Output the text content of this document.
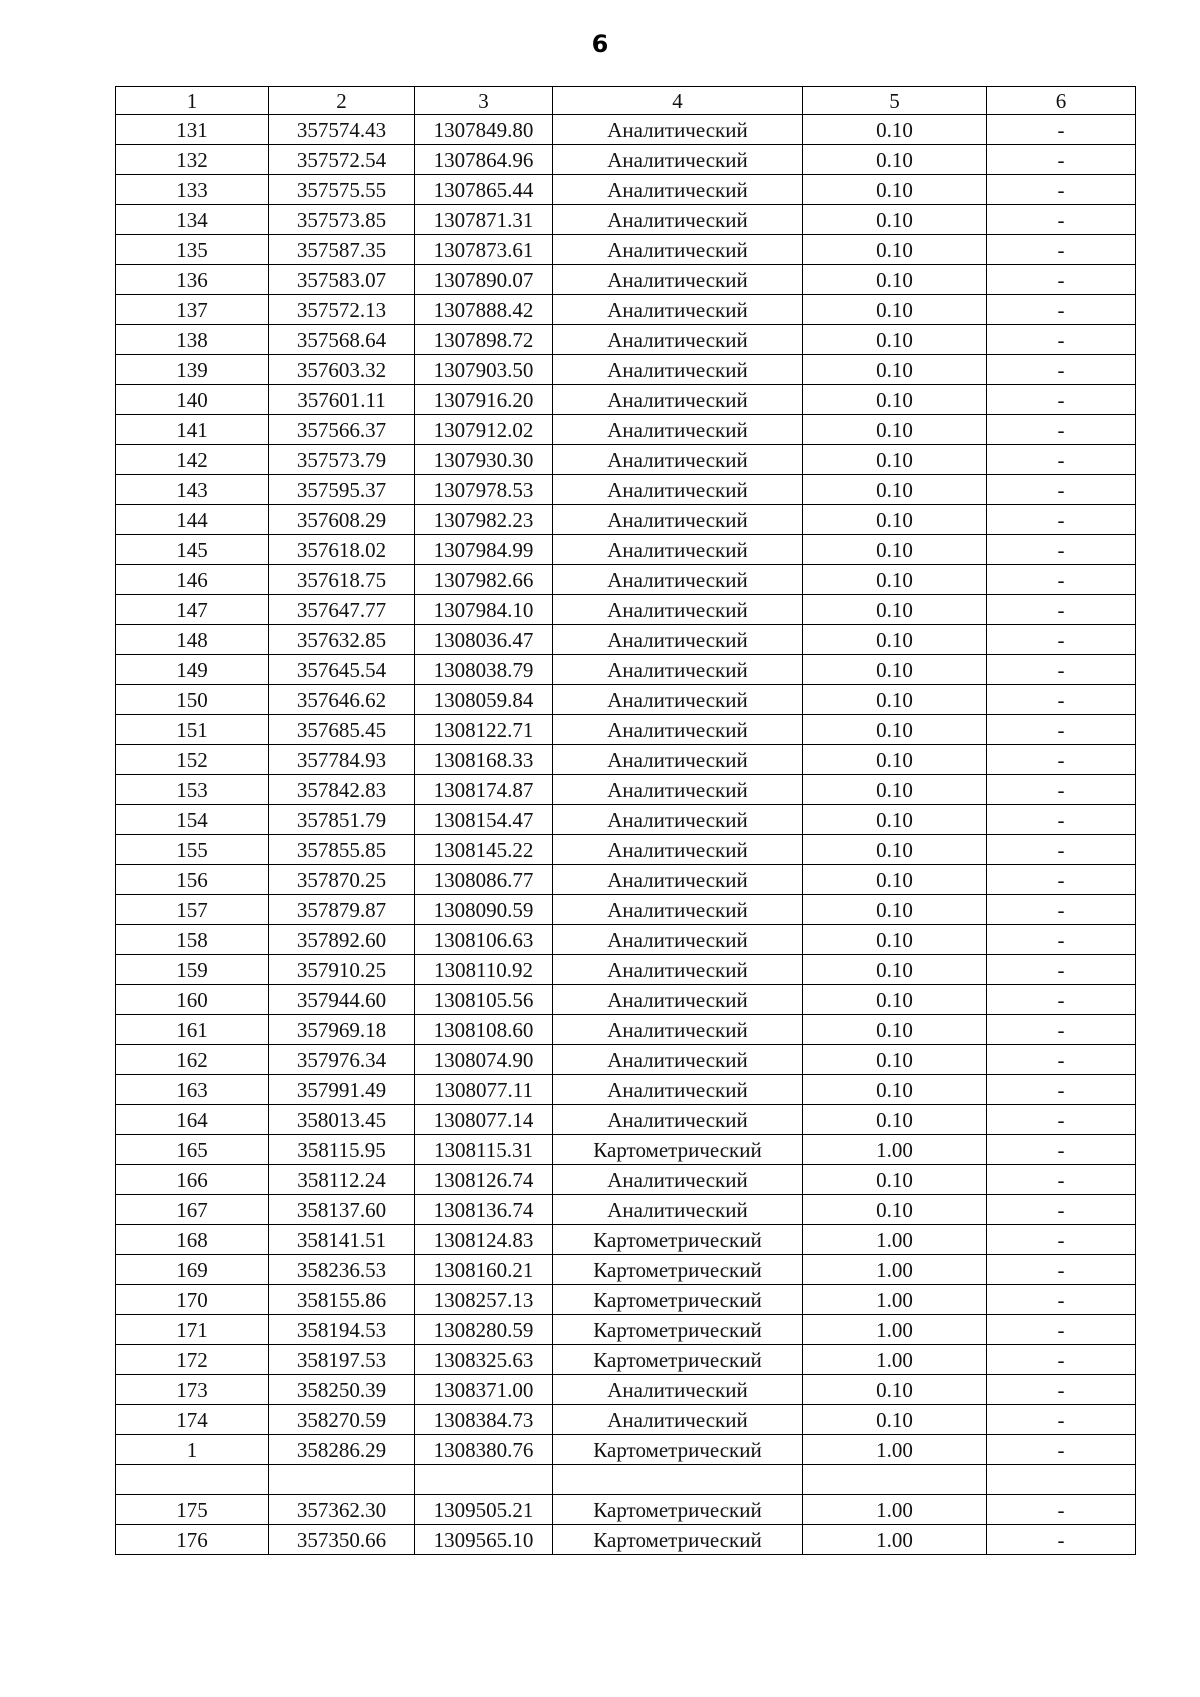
6
1	2	3	4	5	6
131	357574.43	1307849.80	Аналитический	0.10	-
132	357572.54	1307864.96	Аналитический	0.10	-
133	357575.55	1307865.44	Аналитический	0.10	-
134	357573.85	1307871.31	Аналитический	0.10	-
135	357587.35	1307873.61	Аналитический	0.10	-
136	357583.07	1307890.07	Аналитический	0.10	-
137	357572.13	1307888.42	Аналитический	0.10	-
138	357568.64	1307898.72	Аналитический	0.10	-
139	357603.32	1307903.50	Аналитический	0.10	-
140	357601.11	1307916.20	Аналитический	0.10	-
141	357566.37	1307912.02	Аналитический	0.10	-
142	357573.79	1307930.30	Аналитический	0.10	-
143	357595.37	1307978.53	Аналитический	0.10	-
144	357608.29	1307982.23	Аналитический	0.10	-
145	357618.02	1307984.99	Аналитический	0.10	-
146	357618.75	1307982.66	Аналитический	0.10	-
147	357647.77	1307984.10	Аналитический	0.10	-
148	357632.85	1308036.47	Аналитический	0.10	-
149	357645.54	1308038.79	Аналитический	0.10	-
150	357646.62	1308059.84	Аналитический	0.10	-
151	357685.45	1308122.71	Аналитический	0.10	-
152	357784.93	1308168.33	Аналитический	0.10	-
153	357842.83	1308174.87	Аналитический	0.10	-
154	357851.79	1308154.47	Аналитический	0.10	-
155	357855.85	1308145.22	Аналитический	0.10	-
156	357870.25	1308086.77	Аналитический	0.10	-
157	357879.87	1308090.59	Аналитический	0.10	-
158	357892.60	1308106.63	Аналитический	0.10	-
159	357910.25	1308110.92	Аналитический	0.10	-
160	357944.60	1308105.56	Аналитический	0.10	-
161	357969.18	1308108.60	Аналитический	0.10	-
162	357976.34	1308074.90	Аналитический	0.10	-
163	357991.49	1308077.11	Аналитический	0.10	-
164	358013.45	1308077.14	Аналитический	0.10	-
165	358115.95	1308115.31	Картометрический	1.00	-
166	358112.24	1308126.74	Аналитический	0.10	-
167	358137.60	1308136.74	Аналитический	0.10	-
168	358141.51	1308124.83	Картометрический	1.00	-
169	358236.53	1308160.21	Картометрический	1.00	-
170	358155.86	1308257.13	Картометрический	1.00	-
171	358194.53	1308280.59	Картометрический	1.00	-
172	358197.53	1308325.63	Картометрический	1.00	-
173	358250.39	1308371.00	Аналитический	0.10	-
174	358270.59	1308384.73	Аналитический	0.10	-
1	358286.29	1308380.76	Картометрический	1.00	-

175	357362.30	1309505.21	Картометрический	1.00	-
176	357350.66	1309565.10	Картометрический	1.00	-
